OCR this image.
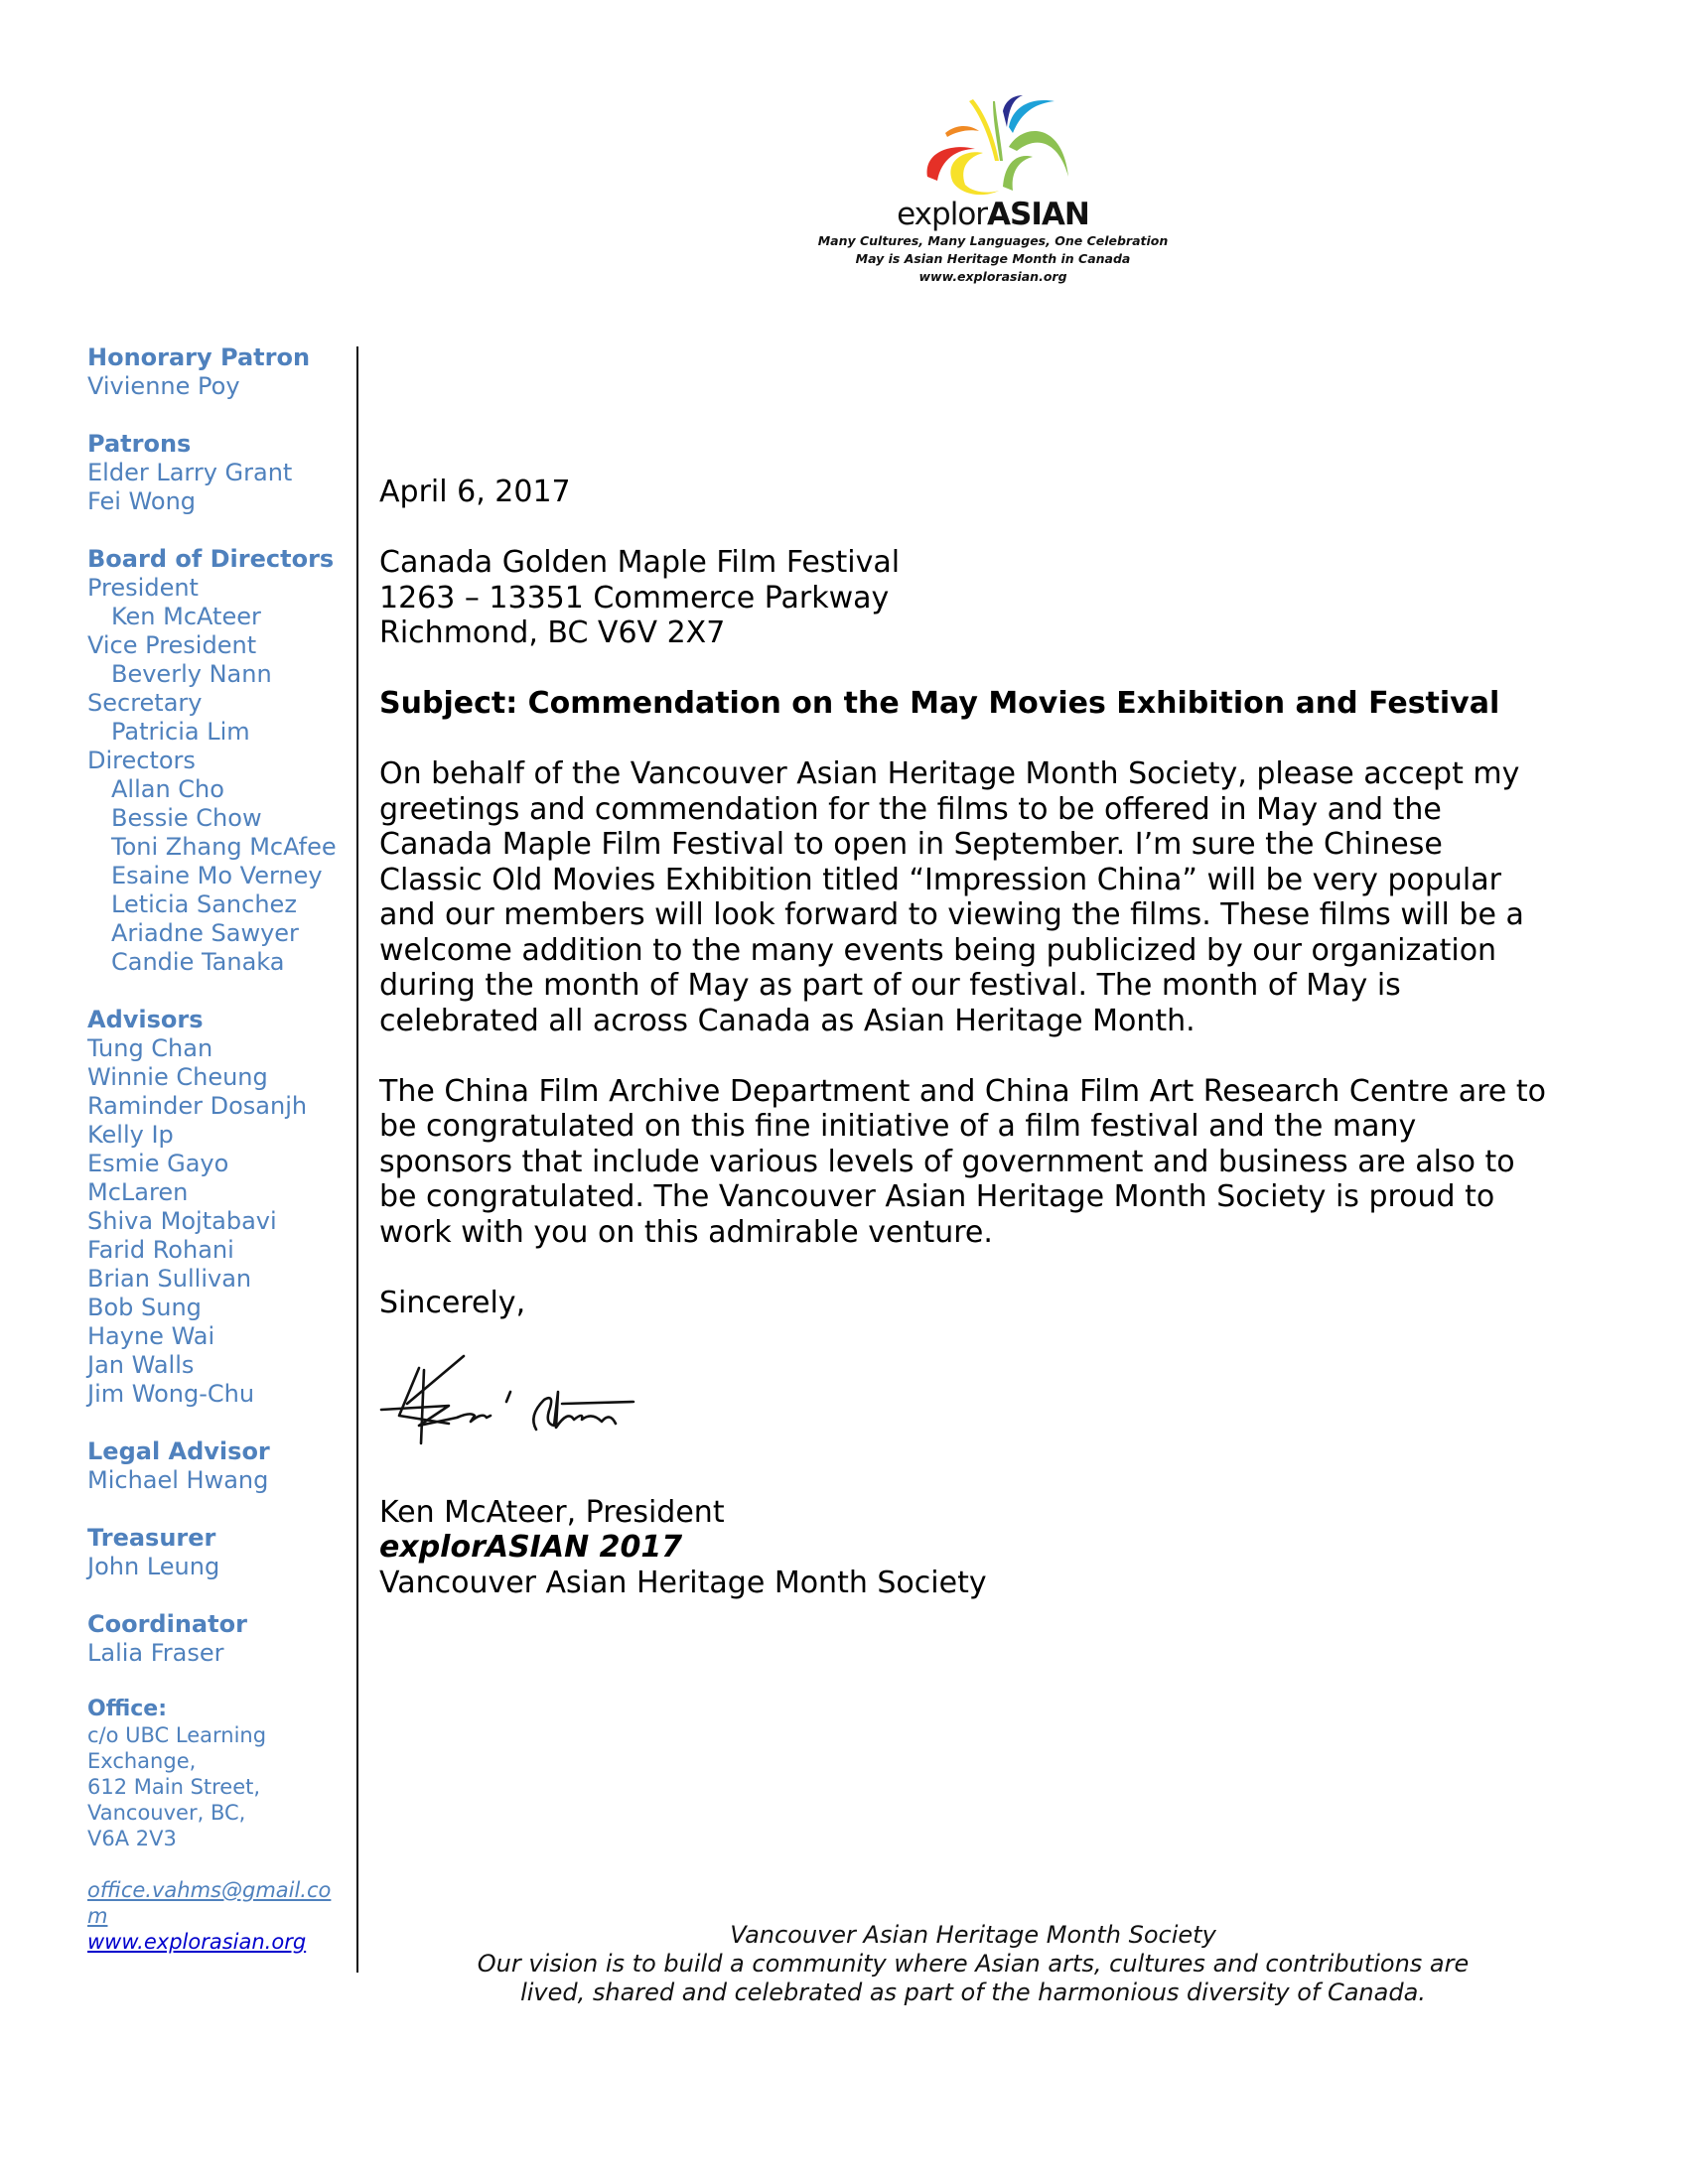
explorASIAN
Many Cultures, Many Languages, One Celebration
May is Asian Heritage Month in Canada
www.explorasian.org
Honorary Patron
Vivienne Poy
Patrons
Elder Larry Grant
Fei Wong
Board of Directors
President
Ken McAteer
Vice President
Beverly Nann
Secretary
Patricia Lim
Directors
Allan Cho
Bessie Chow
Toni Zhang McAfee
Esaine Mo Verney
Leticia Sanchez
Ariadne Sawyer
Candie Tanaka
Advisors
Tung Chan
Winnie Cheung
Raminder Dosanjh
Kelly Ip
Esmie Gayo
McLaren
Shiva Mojtabavi
Farid Rohani
Brian Sullivan
Bob Sung
Hayne Wai
Jan Walls
Jim Wong-Chu
Legal Advisor
Michael Hwang
Treasurer
John Leung
Coordinator
Lalia Fraser
Office:
c/o UBC Learning
Exchange,
612 Main Street,
Vancouver, BC,
V6A 2V3
office.vahms@gmail.com
www.explorasian.org

April 6, 2017

Canada Golden Maple Film Festival
1263 – 13351 Commerce Parkway
Richmond, BC V6V 2X7

Subject: Commendation on the May Movies Exhibition and Festival

On behalf of the Vancouver Asian Heritage Month Society, please accept my greetings and commendation for the films to be offered in May and the Canada Maple Film Festival to open in September. I’m sure the Chinese Classic Old Movies Exhibition titled “Impression China” will be very popular and our members will look forward to viewing the films. These films will be a welcome addition to the many events being publicized by our organization during the month of May as part of our festival. The month of May is celebrated all across Canada as Asian Heritage Month.

The China Film Archive Department and China Film Art Research Centre are to be congratulated on this fine initiative of a film festival and the many sponsors that include various levels of government and business are also to be congratulated. The Vancouver Asian Heritage Month Society is proud to work with you on this admirable venture.

Sincerely,

Ken McAteer, President
explorASIAN 2017
Vancouver Asian Heritage Month Society
Vancouver Asian Heritage Month Society
Our vision is to build a community where Asian arts, cultures and contributions are lived, shared and celebrated as part of the harmonious diversity of Canada.
